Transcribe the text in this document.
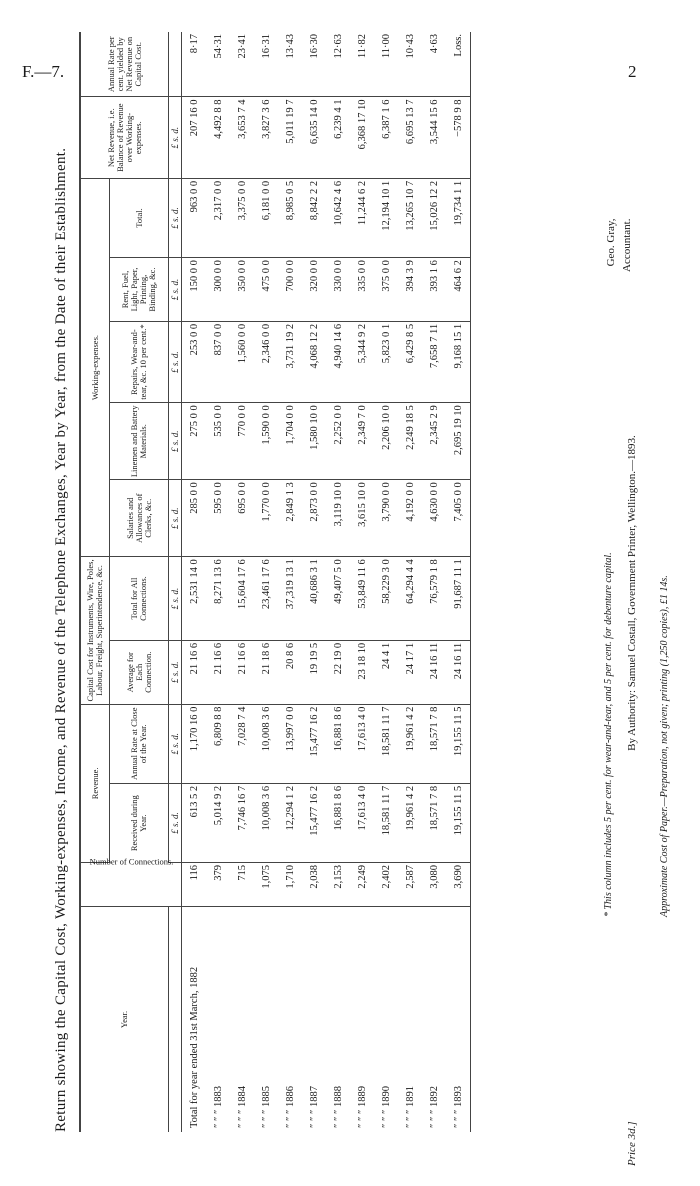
F.—7.	2
Return showing the Capital Cost, Working-expenses, Income, and Revenue of the Telephone Exchanges, Year by Year, from the Date of their Establishment.	Year.	Number of Connections.	Revenue.		Capital Cost for Instruments, Wire, Poles, Labour, Freight, Superintendence, &c.		Working-expenses.					Net Revenue, i.e. Balance of Revenue over Working-expenses.	Annual Rate per cent. yielded by Net Revenue on Capital Cost.
		Received during Year.	Annual Rate at Close of the Year.	Average for Each Connection.	Total for All Connections.	Salaries and Allowances of Clerks, &c.	Linemen and Battery Materials.	Repairs, Wear-and-tear, &c. 10 per cent.*	Rent, Fuel, Light, Paper, Printing, Binding, &c.	Total.		
		£ s. d.	£ s. d.	£ s. d.	£ s. d.	£ s. d.	£ s. d.	£ s. d.	£ s. d.	£ s. d.	£ s. d.	
Total for year ended 31st March, 1882	116	613 5 2	1,170 16 0	21 16 6	2,531 14 0	285 0 0	275 0 0	253 0 0	150 0 0	963 0 0	207 16 0	8·17
″ ″ ″ 1883	379	5,014 9 2	6,809 8 8	21 16 6	8,271 13 6	595 0 0	535 0 0	837 0 0	300 0 0	2,317 0 0	4,492 8 8	54·31
″ ″ ″ 1884	715	7,746 16 7	7,028 7 4	21 16 6	15,604 17 6	695 0 0	770 0 0	1,560 0 0	350 0 0	3,375 0 0	3,653 7 4	23·41
″ ″ ″ 1885	1,075	10,008 3 6	10,008 3 6	21 18 6	23,461 17 6	1,770 0 0	1,590 0 0	2,346 0 0	475 0 0	6,181 0 0	3,827 3 6	16·31
″ ″ ″ 1886	1,710	12,294 1 2	13,997 0 0	20 8 6	37,319 13 1	2,849 1 3	1,704 0 0	3,731 19 2	700 0 0	8,985 0 5	5,011 19 7	13·43
″ ″ ″ 1887	2,038	15,477 16 2	15,477 16 2	19 19 5	40,686 3 1	2,873 0 0	1,580 10 0	4,068 12 2	320 0 0	8,842 2 2	6,635 14 0	16·30
″ ″ ″ 1888	2,153	16,881 8 6	16,881 8 6	22 19 0	49,407 5 0	3,119 10 0	2,252 0 0	4,940 14 6	330 0 0	10,642 4 6	6,239 4 1	12·63
″ ″ ″ 1889	2,249	17,613 4 0	17,613 4 0	23 18 10	53,849 11 6	3,615 10 0	2,349 7 0	5,344 9 2	335 0 0	11,244 6 2	6,368 17 10	11·82
″ ″ ″ 1890	2,402	18,581 11 7	18,581 11 7	24 4 1	58,229 3 0	3,790 0 0	2,206 10 0	5,823 0 1	375 0 0	12,194 10 1	6,387 1 6	11·00
″ ″ ″ 1891	2,587	19,961 4 2	19,961 4 2	24 17 1	64,294 4 4	4,192 0 0	2,249 18 5	6,429 8 5	394 3 9	13,265 10 7	6,695 13 7	10·43
″ ″ ″ 1892	3,080	18,571 7 8	18,571 7 8	24 16 11	76,579 1 8	4,630 0 0	2,345 2 9	7,658 7 11	393 1 6	15,026 12 2	3,544 15 6	4·63
″ ″ ″ 1893	3,690	19,155 11 5	19,155 11 5	24 16 11	91,687 11 1	7,405 0 0	2,695 19 10	9,168 15 1	464 6 2	19,734 1 1	−578 9 8	Loss.
* This column includes 5 per cent. for wear-and-tear, and 5 per cent. for debenture capital.	Approximate Cost of Paper.—Preparation, not given; printing (1,250 copies), £1 14s.
Geo. Gray, Accountant.
Price 3d.]
By Authority: Samuel Costall, Government Printer, Wellington.—1893.
